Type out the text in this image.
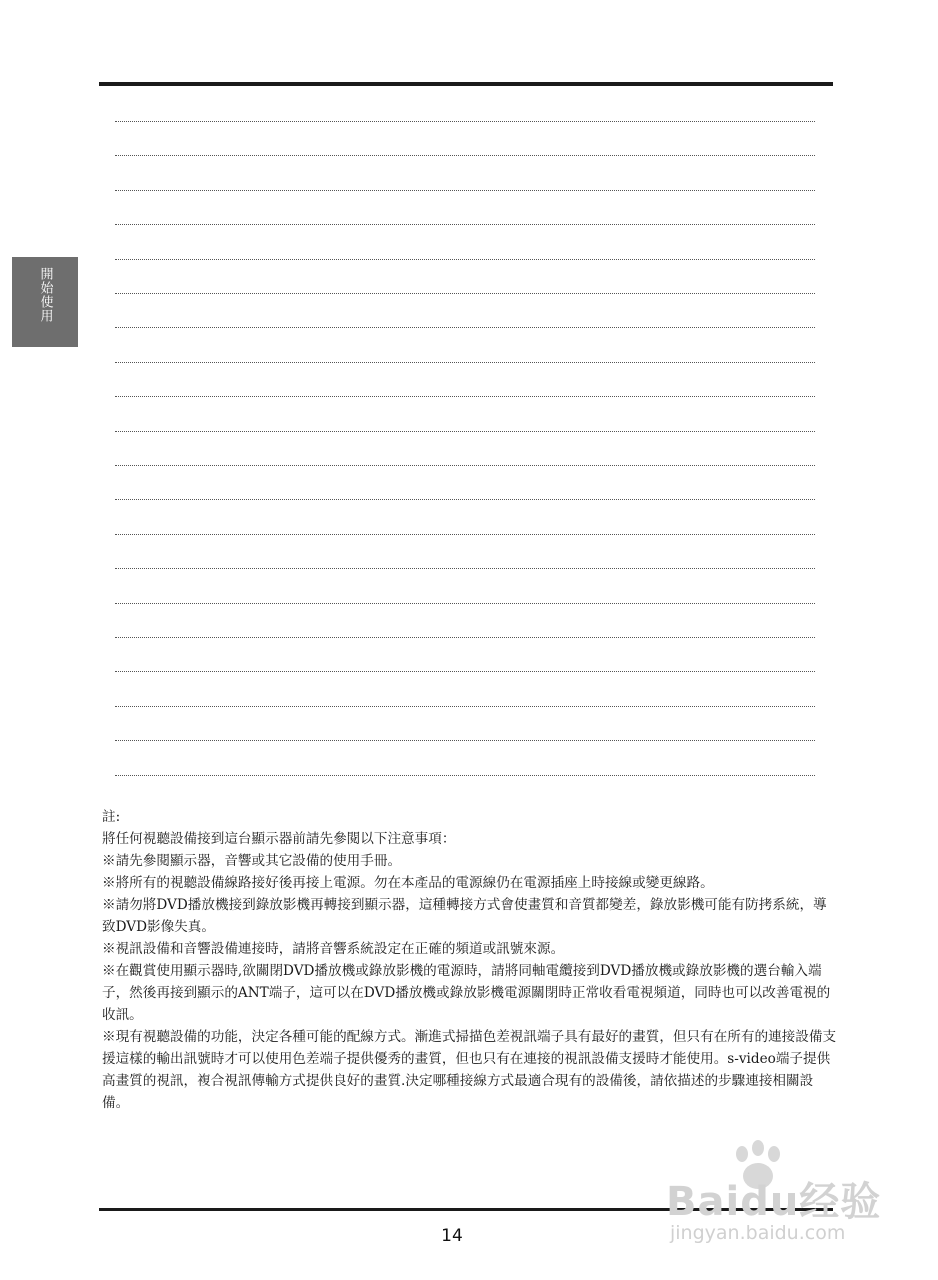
開始使用

註:

將任何視聽設備接到這台顯示器前請先參閱以下注意事項：

※請先參閱顯示器，音響或其它設備的使用手冊。

※將所有的視聽設備線路接好後再接上電源。勿在本產品的電源線仍在電源插座上時接線或變更線路。

※請勿將DVD播放機接到錄放影機再轉接到顯示器，這種轉接方式會使畫質和音質都變差，錄放影機可能有防拷系統，導致DVD影像失真。

※視訊設備和音響設備連接時，請將音響系統設定在正確的頻道或訊號來源。

※在觀賞使用顯示器時,欲關閉DVD播放機或錄放影機的電源時，請將同軸電纜接到DVD播放機或錄放影機的選台輸入端子，然後再接到顯示的ANT端子，這可以在DVD播放機或錄放影機電源關閉時正常收看電視頻道，同時也可以改善電視的收訊。

※現有視聽設備的功能，決定各種可能的配線方式。漸進式掃描色差視訊端子具有最好的畫質，但只有在所有的連接設備支援這樣的輸出訊號時才可以使用色差端子提供優秀的畫質，但也只有在連接的視訊設備支援時才能使用。s-video端子提供高畫質的視訊，複合視訊傳輸方式提供良好的畫質.決定哪種接線方式最適合現有的設備後，請依描述的步驟連接相關設備。

14
Baidu经验
jingyan.baidu.com
